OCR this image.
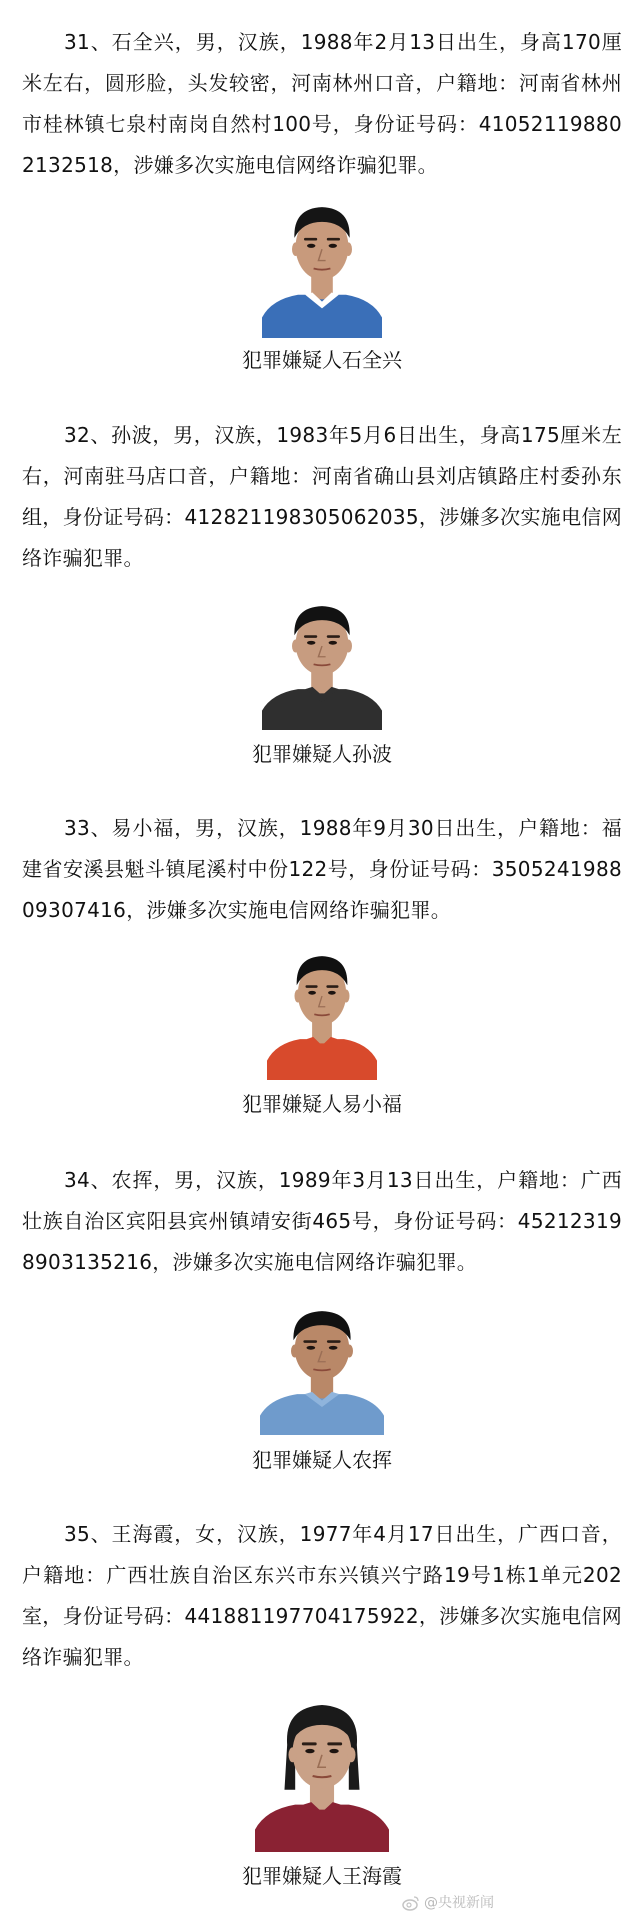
31、石全兴，男，汉族，1988年2月13日出生，身高170厘米左右，圆形脸，头发较密，河南林州口音，户籍地：河南省林州市桂林镇七泉村南岗自然村100号，身份证号码：410521198802132518，涉嫌多次实施电信网络诈骗犯罪。

犯罪嫌疑人石全兴

32、孙波，男，汉族，1983年5月6日出生，身高175厘米左右，河南驻马店口音，户籍地：河南省确山县刘店镇路庄村委孙东组，身份证号码：412821198305062035，涉嫌多次实施电信网络诈骗犯罪。

犯罪嫌疑人孙波

33、易小福，男，汉族，1988年9月30日出生，户籍地：福建省安溪县魁斗镇尾溪村中份122号，身份证号码：350524198809307416，涉嫌多次实施电信网络诈骗犯罪。

犯罪嫌疑人易小福

34、农挥，男，汉族，1989年3月13日出生，户籍地：广西壮族自治区宾阳县宾州镇靖安街465号，身份证号码：452123198903135216，涉嫌多次实施电信网络诈骗犯罪。

犯罪嫌疑人农挥

35、王海霞，女，汉族，1977年4月17日出生，广西口音，户籍地：广西壮族自治区东兴市东兴镇兴宁路19号1栋1单元202室，身份证号码：441881197704175922，涉嫌多次实施电信网络诈骗犯罪。

犯罪嫌疑人王海霞

@央视新闻
